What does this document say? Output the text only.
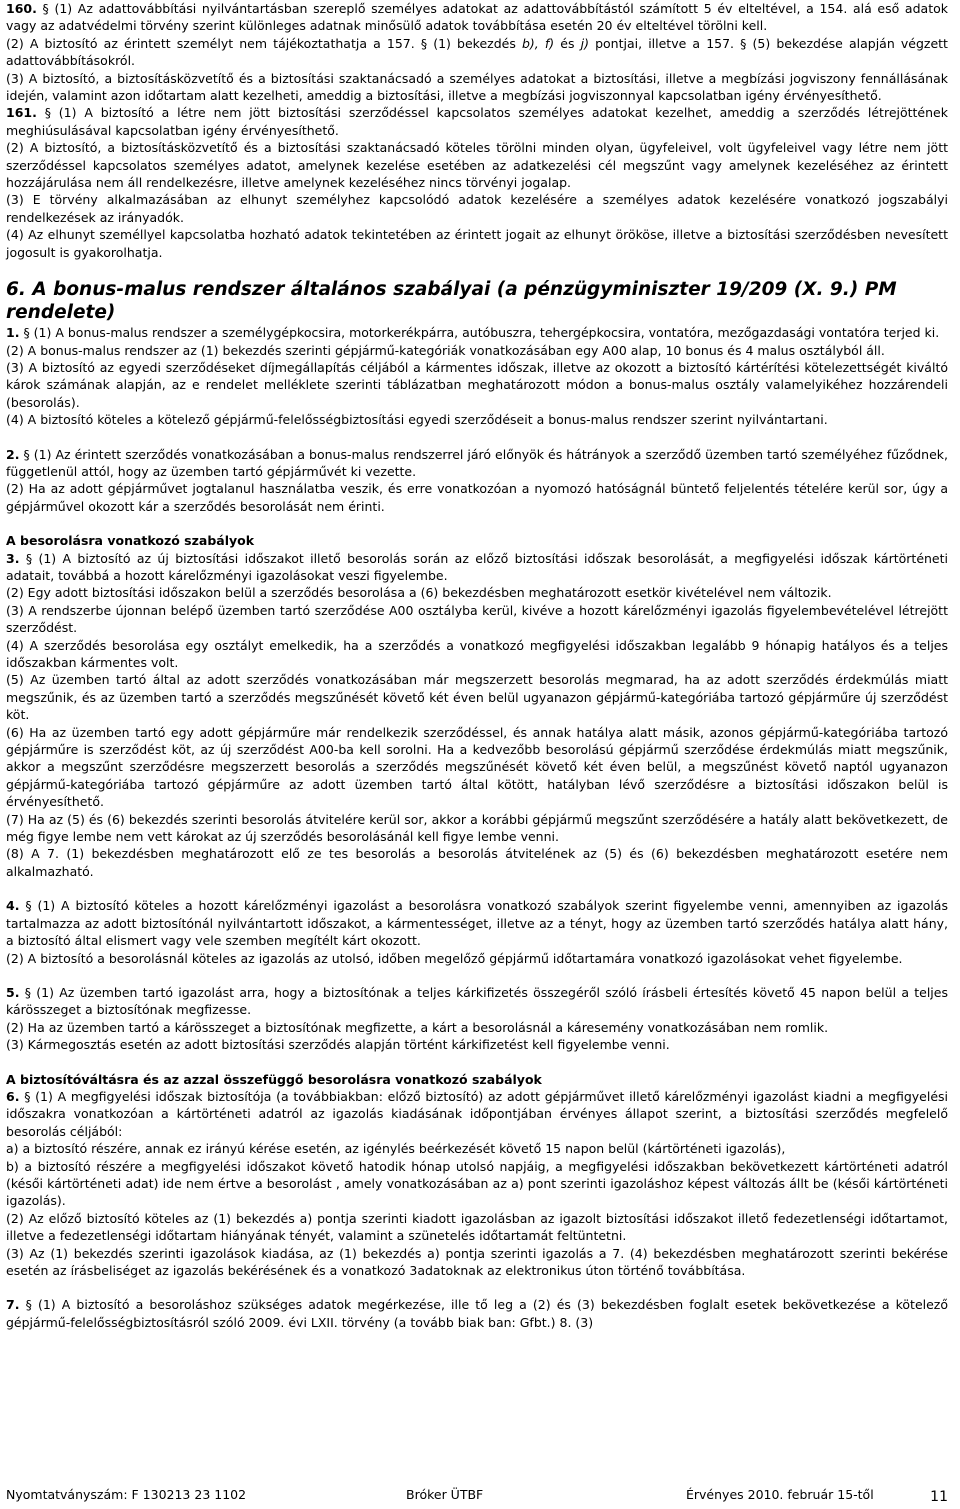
160. § (1) Az adattovábbítási nyilvántartásban szereplő személyes adatokat az adattovábbítástól számított 5 év elteltével, a 154. alá eső adatok vagy az adatvédelmi törvény szerint különleges adatnak minősülő adatok továbbítása esetén 20 év elteltével törölni kell.

(2) A biztosító az érintett személyt nem tájékoztathatja a 157. § (1) bekezdés b), f) és j) pontjai, illetve a 157. § (5) bekezdése alapján végzett adattovábbításokról.

(3) A biztosító, a biztosításközvetítő és a biztosítási szaktanácsadó a személyes adatokat a biztosítási, illetve a megbízási jogviszony fennállásának idején, valamint azon időtartam alatt kezelheti, ameddig a biztosítási, illetve a megbízási jogviszonnyal kapcsolatban igény érvényesíthető.

161. § (1) A biztosító a létre nem jött biztosítási szerződéssel kapcsolatos személyes adatokat kezelhet, ameddig a szerződés létrejöttének meghiúsulásával kapcsolatban igény érvényesíthető.

(2) A biztosító, a biztosításközvetítő és a biztosítási szaktanácsadó köteles törölni minden olyan, ügyfeleivel, volt ügyfeleivel vagy létre nem jött szerződéssel kapcsolatos személyes adatot, amelynek kezelése esetében az adatkezelési cél megszűnt vagy amelynek kezeléséhez az érintett hozzájárulása nem áll rendelkezésre, illetve amelynek kezeléséhez nincs törvényi jogalap.

(3) E törvény alkalmazásában az elhunyt személyhez kapcsolódó adatok kezelésére a személyes adatok kezelésére vonatkozó jogszabályi rendelkezések az irányadók.

(4) Az elhunyt személlyel kapcsolatba hozható adatok tekintetében az érintett jogait az elhunyt örököse, illetve a biztosítási szerződésben nevesített jogosult is gyakorolhatja.

6. A bonus-malus rendszer általános szabályai (a pénzügyminiszter 19/209 (X. 9.) PM rendelete)

1. § (1) A bonus-malus rendszer a személygépkocsira, motorkerékpárra, autóbuszra, tehergépkocsira, vontatóra, mezőgazdasági vontatóra terjed ki.

(2) A bonus-malus rendszer az (1) bekezdés szerinti gépjármű-kategóriák vonatkozásában egy A00 alap, 10 bonus és 4 malus osztályból áll.

(3) A biztosító az egyedi szerződéseket díjmegállapítás céljából a kármentes időszak, illetve az okozott a biztosító kártérítési kötelezettségét kiváltó károk számának alapján, az e rendelet melléklete szerinti táblázatban meghatározott módon a bonus-malus osztály valamelyikéhez hozzárendeli (besorolás).

(4) A biztosító köteles a kötelező gépjármű-felelősségbiztosítási egyedi szerződéseit a bonus-malus rendszer szerint nyilvántartani.

2. § (1) Az érintett szerződés vonatkozásában a bonus-malus rendszerrel járó előnyök és hátrányok a szerződő üzemben tartó személyéhez fűződnek, függetlenül attól, hogy az üzemben tartó gépjárművét ki vezette.

(2) Ha az adott gépjárművet jogtalanul használatba veszik, és erre vonatkozóan a nyomozó hatóságnál büntető feljelentés tételére kerül sor, úgy a gépjárművel okozott kár a szerződés besorolását nem érinti.

A besorolásra vonatkozó szabályok

3. § (1) A biztosító az új biztosítási időszakot illető besorolás során az előző biztosítási időszak besorolását, a megfigyelési időszak kártörténeti adatait, továbbá a hozott kárelőzményi igazolásokat veszi figyelembe.

(2) Egy adott biztosítási időszakon belül a szerződés besorolása a (6) bekezdésben meghatározott esetkör kivételével nem változik.

(3) A rendszerbe újonnan belépő üzemben tartó szerződése A00 osztályba kerül, kivéve a hozott kárelőzményi igazolás figyelembevételével létrejött szerződést.

(4) A szerződés besorolása egy osztályt emelkedik, ha a szerződés a vonatkozó megfigyelési időszakban legalább 9 hónapig hatályos és a teljes időszakban kármentes volt.

(5) Az üzemben tartó által az adott szerződés vonatkozásában már megszerzett besorolás megmarad, ha az adott szerződés érdekmúlás miatt megszűnik, és az üzemben tartó a szerződés megszűnését követő két éven belül ugyanazon gépjármű-kategóriába tartozó gépjárműre új szerződést köt.

(6) Ha az üzemben tartó egy adott gépjárműre már rendelkezik szerződéssel, és annak hatálya alatt másik, azonos gépjármű-kategóriába tartozó gépjárműre is szerződést köt, az új szerződést A00-ba kell sorolni. Ha a kedvezőbb besorolású gépjármű szerződése érdekmúlás miatt megszűnik, akkor a megszűnt szerződésre megszerzett besorolás a szerződés megszűnését követő két éven belül, a megszűnést követő naptól ugyanazon gépjármű-kategóriába tartozó gépjárműre az adott üzemben tartó által kötött, hatályban lévő szerződésre a biztosítási időszakon belül is érvényesíthető.

(7) Ha az (5) és (6) bekezdés szerinti besorolás átvitelére kerül sor, akkor a korábbi gépjármű megszűnt szerződésére a hatály alatt bekövetkezett, de még figye lembe nem vett károkat az új szerződés besorolásánál kell figye lembe venni.

(8) A 7. (1) bekezdésben meghatározott elő ze tes besorolás a besorolás átvitelének az (5) és (6) bekezdésben meghatározott esetére nem alkalmazható.

4. § (1) A biztosító köteles a hozott kárelőzményi igazolást a besorolásra vonatkozó szabályok szerint figyelembe venni, amennyiben az igazolás tartalmazza az adott biztosítónál nyilvántartott időszakot, a kármentességet, illetve az a tényt, hogy az üzemben tartó szerződés hatálya alatt hány, a biztosító által elismert vagy vele szemben megítélt kárt okozott.

(2) A biztosító a besorolásnál köteles az igazolás az utolsó, időben megelőző gépjármű időtartamára vonatkozó igazolásokat vehet figyelembe.

5. § (1) Az üzemben tartó igazolást arra, hogy a biztosítónak a teljes kárkifizetés összegéről szóló írásbeli értesítés követő 45 napon belül a teljes kárösszeget a biztosítónak megfizesse.

(2) Ha az üzemben tartó a kárösszeget a biztosítónak megfizette, a kárt a besorolásnál a káresemény vonatkozásában nem romlik.

(3) Kármegosztás esetén az adott biztosítási szerződés alapján történt kárkifizetést kell figyelembe venni.

A biztosítóváltásra és az azzal összefüggő besorolásra vonatkozó szabályok

6. § (1) A megfigyelési időszak biztosítója (a továbbiakban: előző biztosító) az adott gépjárművet illető kárelőzményi igazolást kiadni a megfigyelési időszakra vonatkozóan a kártörténeti adatról az igazolás kiadásának időpontjában érvényes állapot szerint, a biztosítási szerződés megfelelő besorolás céljából:

a) a biztosító részére, annak ez irányú kérése esetén, az igénylés beérkezését követő 15 napon belül (kártörténeti igazolás),

b) a biztosító részére a megfigyelési időszakot követő hatodik hónap utolsó napjáig, a megfigyelési időszakban bekövetkezett kártörténeti adatról (késői kártörténeti adat) ide nem értve a besorolást , amely vonatkozásában az a) pont szerinti igazoláshoz képest változás állt be (késői kártörténeti igazolás).

(2) Az előző biztosító köteles az (1) bekezdés a) pontja szerinti kiadott igazolásban az igazolt biztosítási időszakot illető fedezetlenségi időtartamot, illetve a fedezetlenségi időtartam hiányának tényét, valamint a szünetelés időtartamát feltüntetni.

(3) Az (1) bekezdés szerinti igazolások kiadása, az (1) bekezdés a) pontja szerinti igazolás a 7. (4) bekezdésben meghatározott szerinti bekérése esetén az írásbeliséget az igazolás bekérésének és a vonatkozó 3adatoknak az elektronikus úton történő továbbítása.

7. § (1) A biztosító a besoroláshoz szükséges adatok megérkezése, ille tő leg a (2) és (3) bekezdésben foglalt esetek bekövetkezése a kötelező gépjármű-felelősségbiztosításról szóló 2009. évi LXII. törvény (a tovább biak ban: Gfbt.) 8. (3)

Nyomtatványszám: F 130213 23 1102	Bróker ÜTBF	Érvényes 2010. február 15-től	11
